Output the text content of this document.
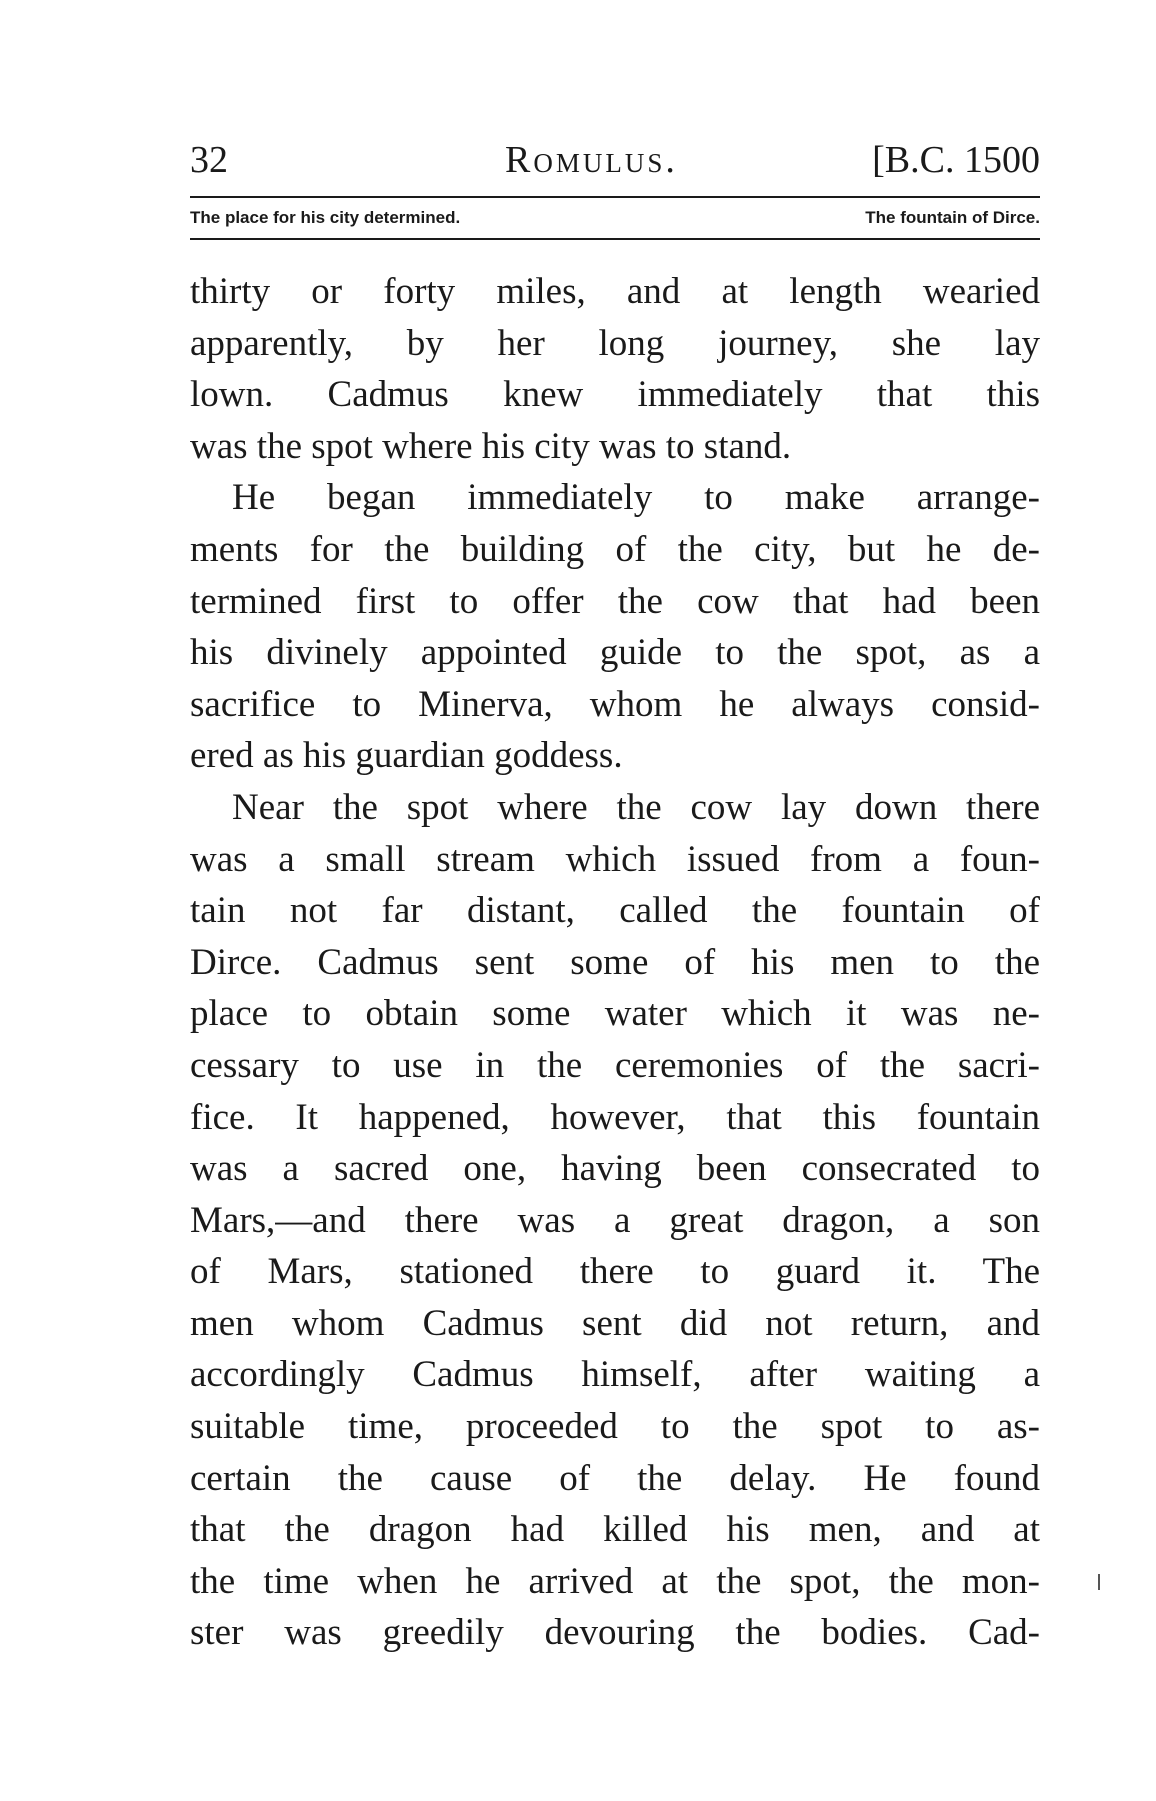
32	Romulus.	[B.C. 1500
The place for his city determined.	The fountain of Dirce.
thirty or forty miles, and at length wearied
apparently, by her long journey, she lay
lown. Cadmus knew immediately that this
was the spot where his city was to stand.
He began immediately to make arrange-
ments for the building of the city, but he de-
termined first to offer the cow that had been
his divinely appointed guide to the spot, as a
sacrifice to Minerva, whom he always consid-
ered as his guardian goddess.
Near the spot where the cow lay down there
was a small stream which issued from a foun-
tain not far distant, called the fountain of
Dirce. Cadmus sent some of his men to the
place to obtain some water which it was ne-
cessary to use in the ceremonies of the sacri-
fice. It happened, however, that this fountain
was a sacred one, having been consecrated to
Mars,—and there was a great dragon, a son
of Mars, stationed there to guard it. The
men whom Cadmus sent did not return, and
accordingly Cadmus himself, after waiting a
suitable time, proceeded to the spot to as-
certain the cause of the delay. He found
that the dragon had killed his men, and at
the time when he arrived at the spot, the mon-
ster was greedily devouring the bodies. Cad-
